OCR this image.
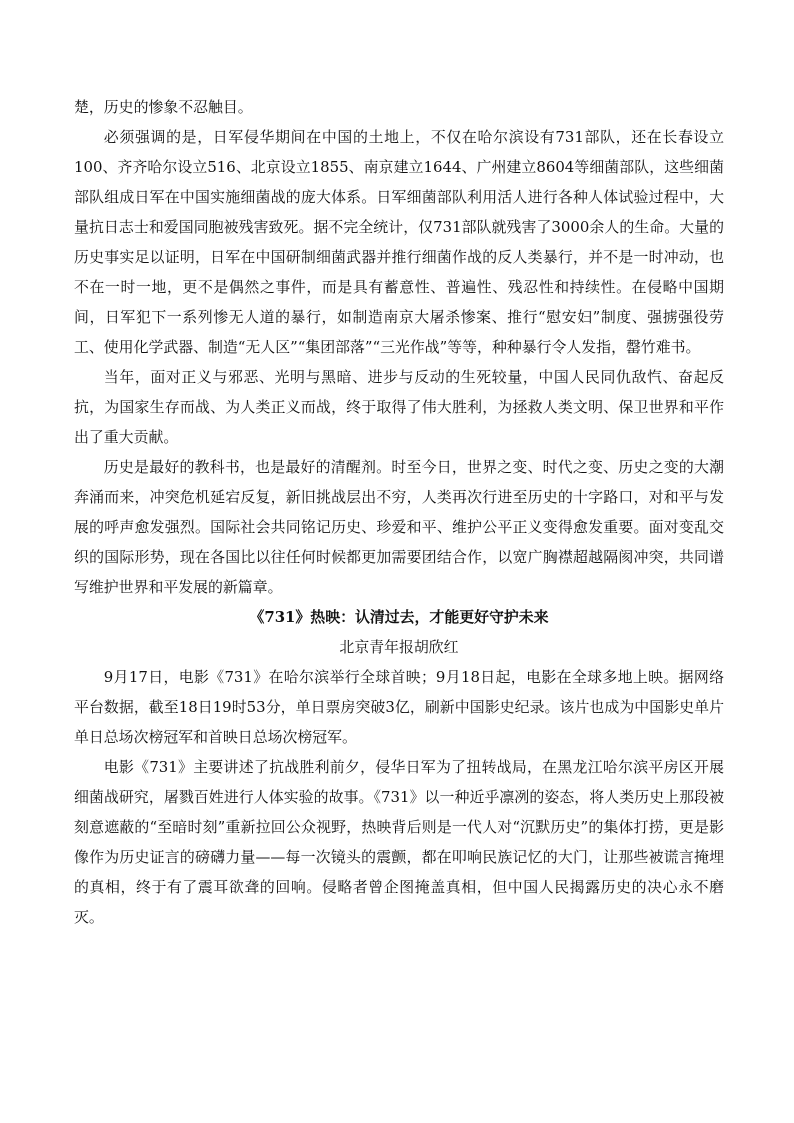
楚，历史的惨象不忍触目。

必须强调的是，日军侵华期间在中国的土地上，不仅在哈尔滨设有731部队，还在长春设立100、齐齐哈尔设立516、北京设立1855、南京建立1644、广州建立8604等细菌部队，这些细菌部队组成日军在中国实施细菌战的庞大体系。日军细菌部队利用活人进行各种人体试验过程中，大量抗日志士和爱国同胞被残害致死。据不完全统计，仅731部队就残害了3000余人的生命。大量的历史事实足以证明，日军在中国研制细菌武器并推行细菌作战的反人类暴行，并不是一时冲动，也不在一时一地，更不是偶然之事件，而是具有蓄意性、普遍性、残忍性和持续性。在侵略中国期间，日军犯下一系列惨无人道的暴行，如制造南京大屠杀惨案、推行“慰安妇”制度、强掳强役劳工、使用化学武器、制造“无人区”“集团部落”“三光作战”等等，种种暴行令人发指，罄竹难书。

当年，面对正义与邪恶、光明与黑暗、进步与反动的生死较量，中国人民同仇敌忾、奋起反抗，为国家生存而战、为人类正义而战，终于取得了伟大胜利，为拯救人类文明、保卫世界和平作出了重大贡献。

历史是最好的教科书，也是最好的清醒剂。时至今日，世界之变、时代之变、历史之变的大潮奔涌而来，冲突危机延宕反复，新旧挑战层出不穷，人类再次行进至历史的十字路口，对和平与发展的呼声愈发强烈。国际社会共同铭记历史、珍爱和平、维护公平正义变得愈发重要。面对变乱交织的国际形势，现在各国比以往任何时候都更加需要团结合作，以宽广胸襟超越隔阂冲突，共同谱写维护世界和平发展的新篇章。

《731》热映：认清过去，才能更好守护未来

北京青年报胡欣红

9月17日，电影《731》在哈尔滨举行全球首映；9月18日起，电影在全球多地上映。据网络平台数据，截至18日19时53分，单日票房突破3亿，刷新中国影史纪录。该片也成为中国影史单片单日总场次榜冠军和首映日总场次榜冠军。

电影《731》主要讲述了抗战胜利前夕，侵华日军为了扭转战局，在黑龙江哈尔滨平房区开展细菌战研究，屠戮百姓进行人体实验的故事。《731》以一种近乎凛冽的姿态，将人类历史上那段被刻意遮蔽的“至暗时刻”重新拉回公众视野，热映背后则是一代人对“沉默历史”的集体打捞，更是影像作为历史证言的磅礴力量——每一次镜头的震颤，都在叩响民族记忆的大门，让那些被谎言掩埋的真相，终于有了震耳欲聋的回响。侵略者曾企图掩盖真相，但中国人民揭露历史的决心永不磨灭。
